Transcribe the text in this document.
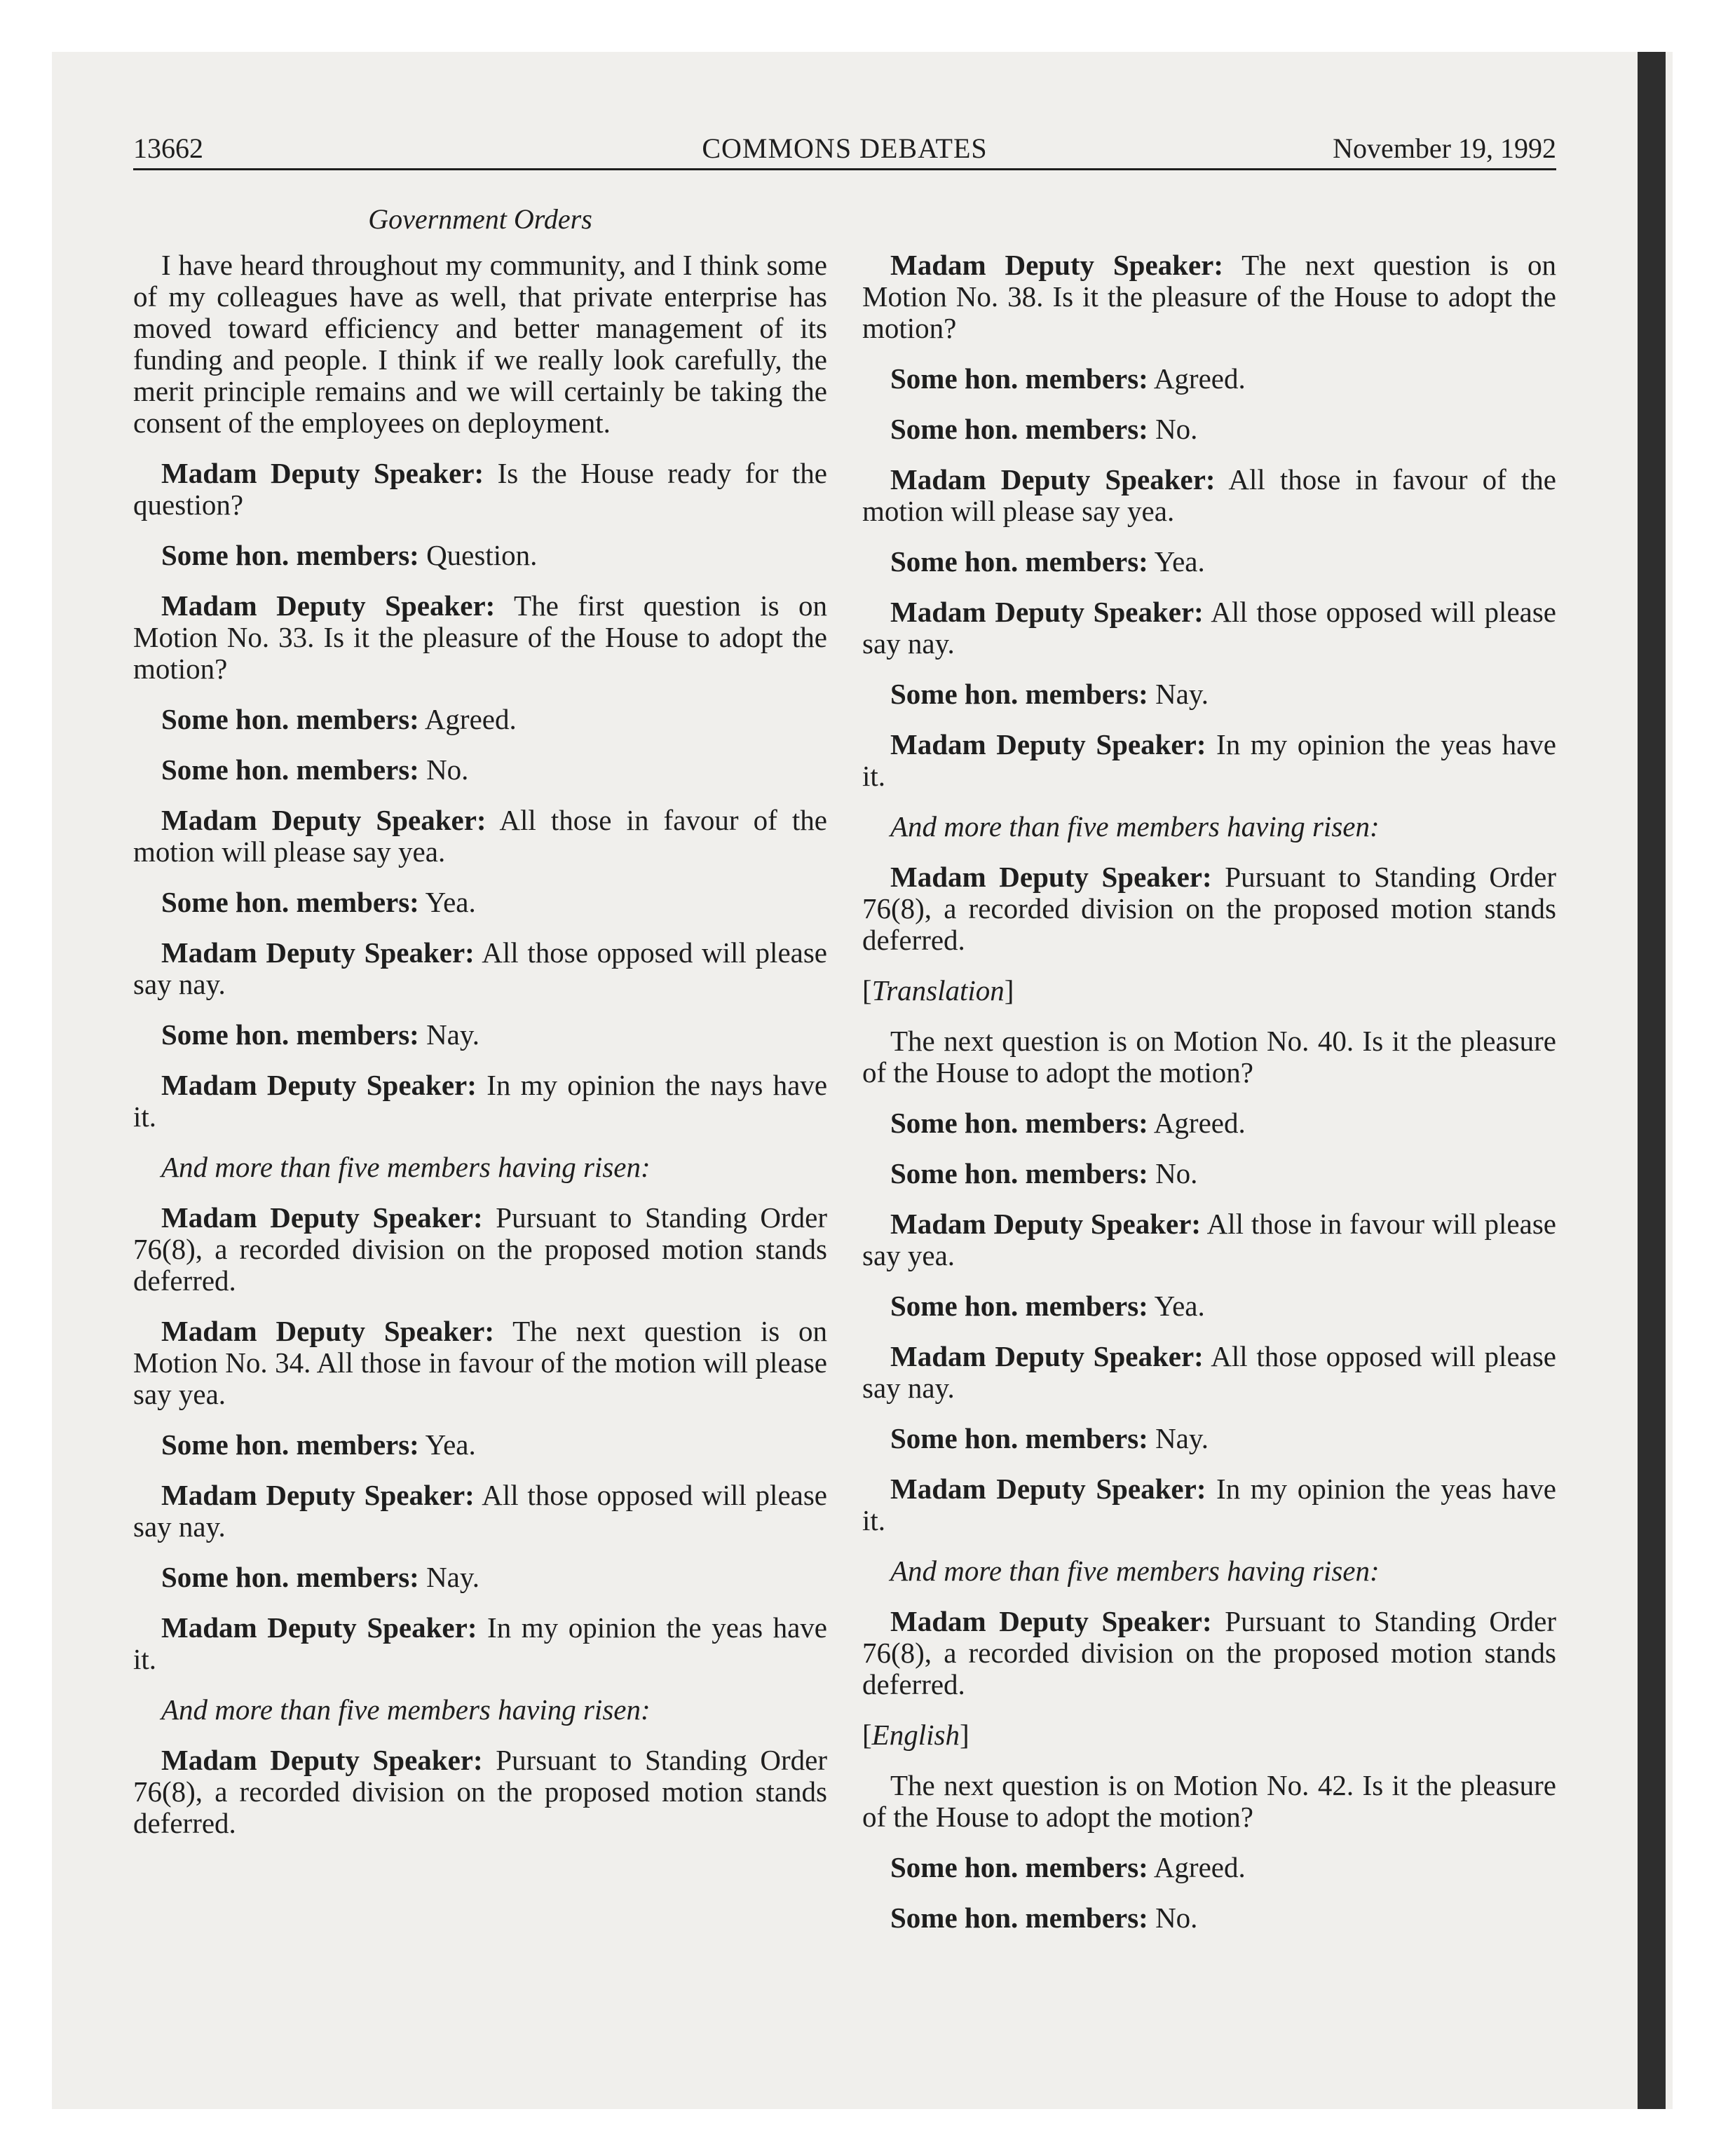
13662	COMMONS DEBATES	November 19, 1992
Government Orders

I have heard throughout my community, and I think some of my colleagues have as well, that private enterprise has moved toward efficiency and better management of its funding and people. I think if we really look carefully, the merit principle remains and we will certainly be taking the consent of the employees on deployment.

Madam Deputy Speaker: Is the House ready for the question?

Some hon. members: Question.

Madam Deputy Speaker: The first question is on Motion No. 33. Is it the pleasure of the House to adopt the motion?

Some hon. members: Agreed.

Some hon. members: No.

Madam Deputy Speaker: All those in favour of the motion will please say yea.

Some hon. members: Yea.

Madam Deputy Speaker: All those opposed will please say nay.

Some hon. members: Nay.

Madam Deputy Speaker: In my opinion the nays have it.

And more than five members having risen:

Madam Deputy Speaker: Pursuant to Standing Order 76(8), a recorded division on the proposed motion stands deferred.

Madam Deputy Speaker: The next question is on Motion No. 34. All those in favour of the motion will please say yea.

Some hon. members: Yea.

Madam Deputy Speaker: All those opposed will please say nay.

Some hon. members: Nay.

Madam Deputy Speaker: In my opinion the yeas have it.

And more than five members having risen:

Madam Deputy Speaker: Pursuant to Standing Order 76(8), a recorded division on the proposed motion stands deferred.

Madam Deputy Speaker: The next question is on Motion No. 38. Is it the pleasure of the House to adopt the motion?

Some hon. members: Agreed.

Some hon. members: No.

Madam Deputy Speaker: All those in favour of the motion will please say yea.

Some hon. members: Yea.

Madam Deputy Speaker: All those opposed will please say nay.

Some hon. members: Nay.

Madam Deputy Speaker: In my opinion the yeas have it.

And more than five members having risen:

Madam Deputy Speaker: Pursuant to Standing Order 76(8), a recorded division on the proposed motion stands deferred.

[Translation]

The next question is on Motion No. 40. Is it the pleasure of the House to adopt the motion?

Some hon. members: Agreed.

Some hon. members: No.

Madam Deputy Speaker: All those in favour will please say yea.

Some hon. members: Yea.

Madam Deputy Speaker: All those opposed will please say nay.

Some hon. members: Nay.

Madam Deputy Speaker: In my opinion the yeas have it.

And more than five members having risen:

Madam Deputy Speaker: Pursuant to Standing Order 76(8), a recorded division on the proposed motion stands deferred.

[English]

The next question is on Motion No. 42. Is it the pleasure of the House to adopt the motion?

Some hon. members: Agreed.

Some hon. members: No.
